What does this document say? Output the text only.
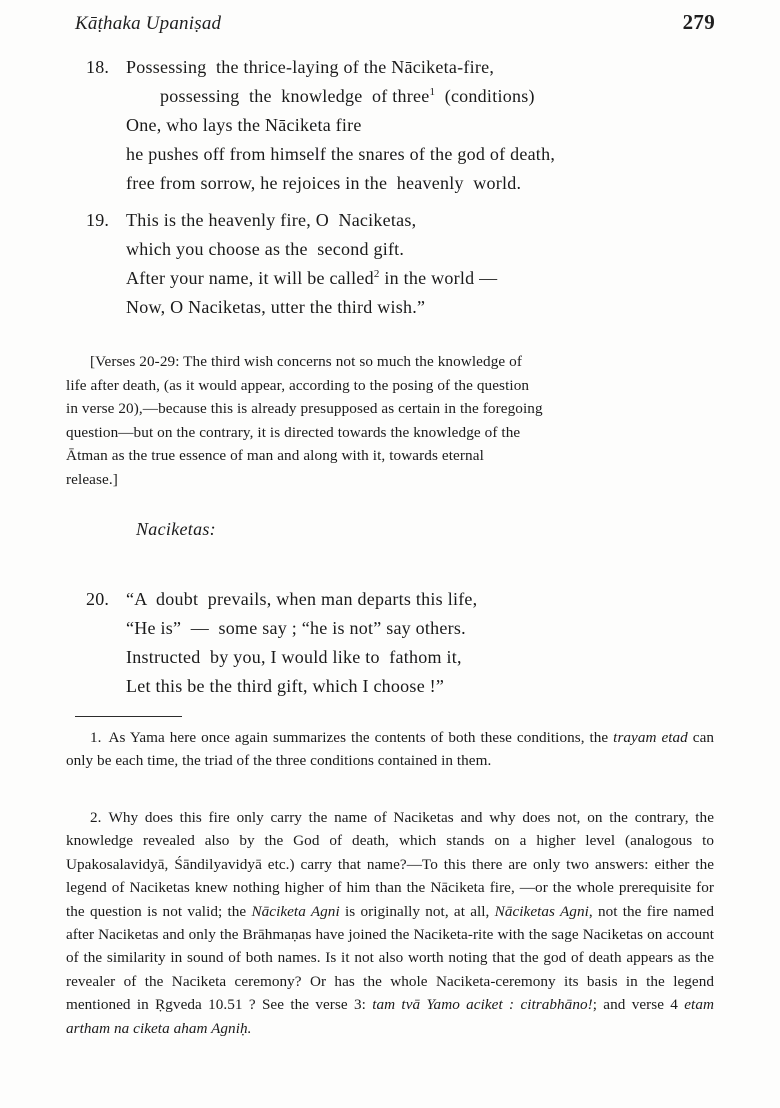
Kāṭhaka Upaniṣad	279
18. Possessing  the thrice-laying of the Nāciketa-fire,
possessing  the  knowledge  of three$^1$  (conditions)
One, who lays the Nāciketa fire
he pushes off from himself the snares of the god of death,
free from sorrow, he rejoices in the  heavenly  world.
19. This is the heavenly fire, O  Naciketas,
which you choose as the  second gift.
After your name, it will be called$^2$ in the world —
Now, O Naciketas, utter the third wish.”

[Verses 20-29: The third wish concerns not so much the knowledge of

life after death, (as it would appear, according to the posing of the question

in verse 20),—because this is already presupposed as certain in the foregoing

question—but on the contrary, it is directed towards the knowledge of the

Ātman as the true essence of man and along with it, towards eternal

release.]

Naciketas:
20. “A  doubt  prevails, when man departs this life,
“He is”  —  some say ; “he is not” say others.
Instructed  by you, I would like to  fathom it,
Let this be the third gift, which I choose !”

1. As Yama here once again summarizes the contents of both these conditions, the trayam etad can only be each time, the triad of the three conditions contained in them.

2. Why does this fire only carry the name of Naciketas and why does not, on the contrary, the knowledge revealed also by the God of death, which stands on a higher level (analogous to Upakosalavidyā, Śāndilyavidyā etc.) carry that name?—To this there are only two answers: either the legend of Naciketas knew nothing higher of him than the Nāciketa fire, —or the whole prerequisite for the question is not valid; the Nāciketa Agni is originally not, at all, Nāciketas Agni, not the fire named after Naciketas and only the Brāhmaṇas have joined the Naciketa-rite with the sage Naciketas on account of the similarity in sound of both names. Is it not also worth noting that the god of death appears as the revealer of the Naciketa ceremony? Or has the whole Naciketa-ceremony its basis in the legend mentioned in Ṛgveda 10.51 ? See the verse 3: tam tvā Yamo aciket : citrabhāno!; and verse 4 etam artham na ciketa aham Agniḥ.
